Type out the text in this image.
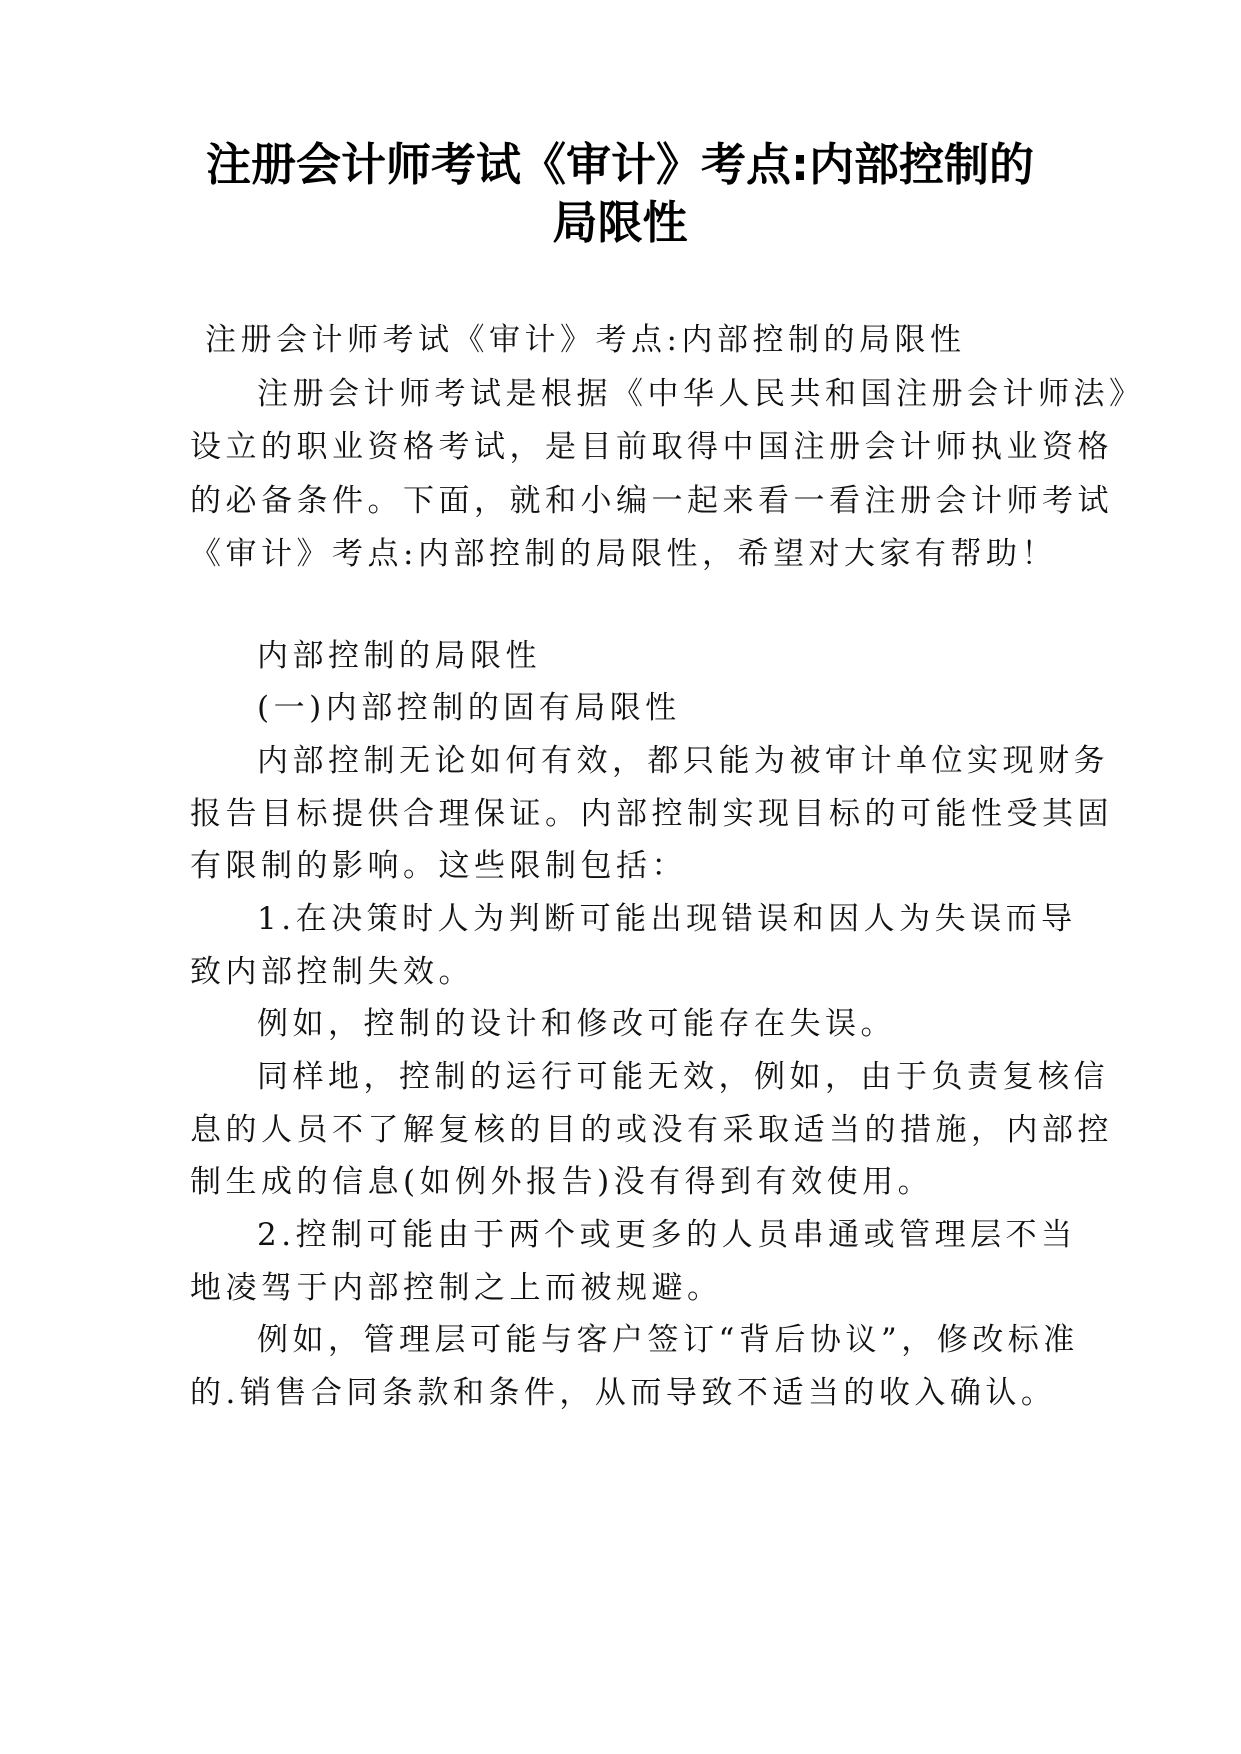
注册会计师考试《审计》考点:内部控制的
局限性

注册会计师考试《审计》考点:内部控制的局限性

注册会计师考试是根据《中华人民共和国注册会计师法》

设立的职业资格考试，是目前取得中国注册会计师执业资格

的必备条件。下面，就和小编一起来看一看注册会计师考试

《审计》考点:内部控制的局限性，希望对大家有帮助！

内部控制的局限性

(一)内部控制的固有局限性

内部控制无论如何有效，都只能为被审计单位实现财务

报告目标提供合理保证。内部控制实现目标的可能性受其固

有限制的影响。这些限制包括：

1.在决策时人为判断可能出现错误和因人为失误而导

致内部控制失效。

例如，控制的设计和修改可能存在失误。

同样地，控制的运行可能无效，例如，由于负责复核信

息的人员不了解复核的目的或没有采取适当的措施，内部控

制生成的信息(如例外报告)没有得到有效使用。

2.控制可能由于两个或更多的人员串通或管理层不当

地凌驾于内部控制之上而被规避。

例如，管理层可能与客户签订“背后协议”，修改标准

的.销售合同条款和条件，从而导致不适当的收入确认。
